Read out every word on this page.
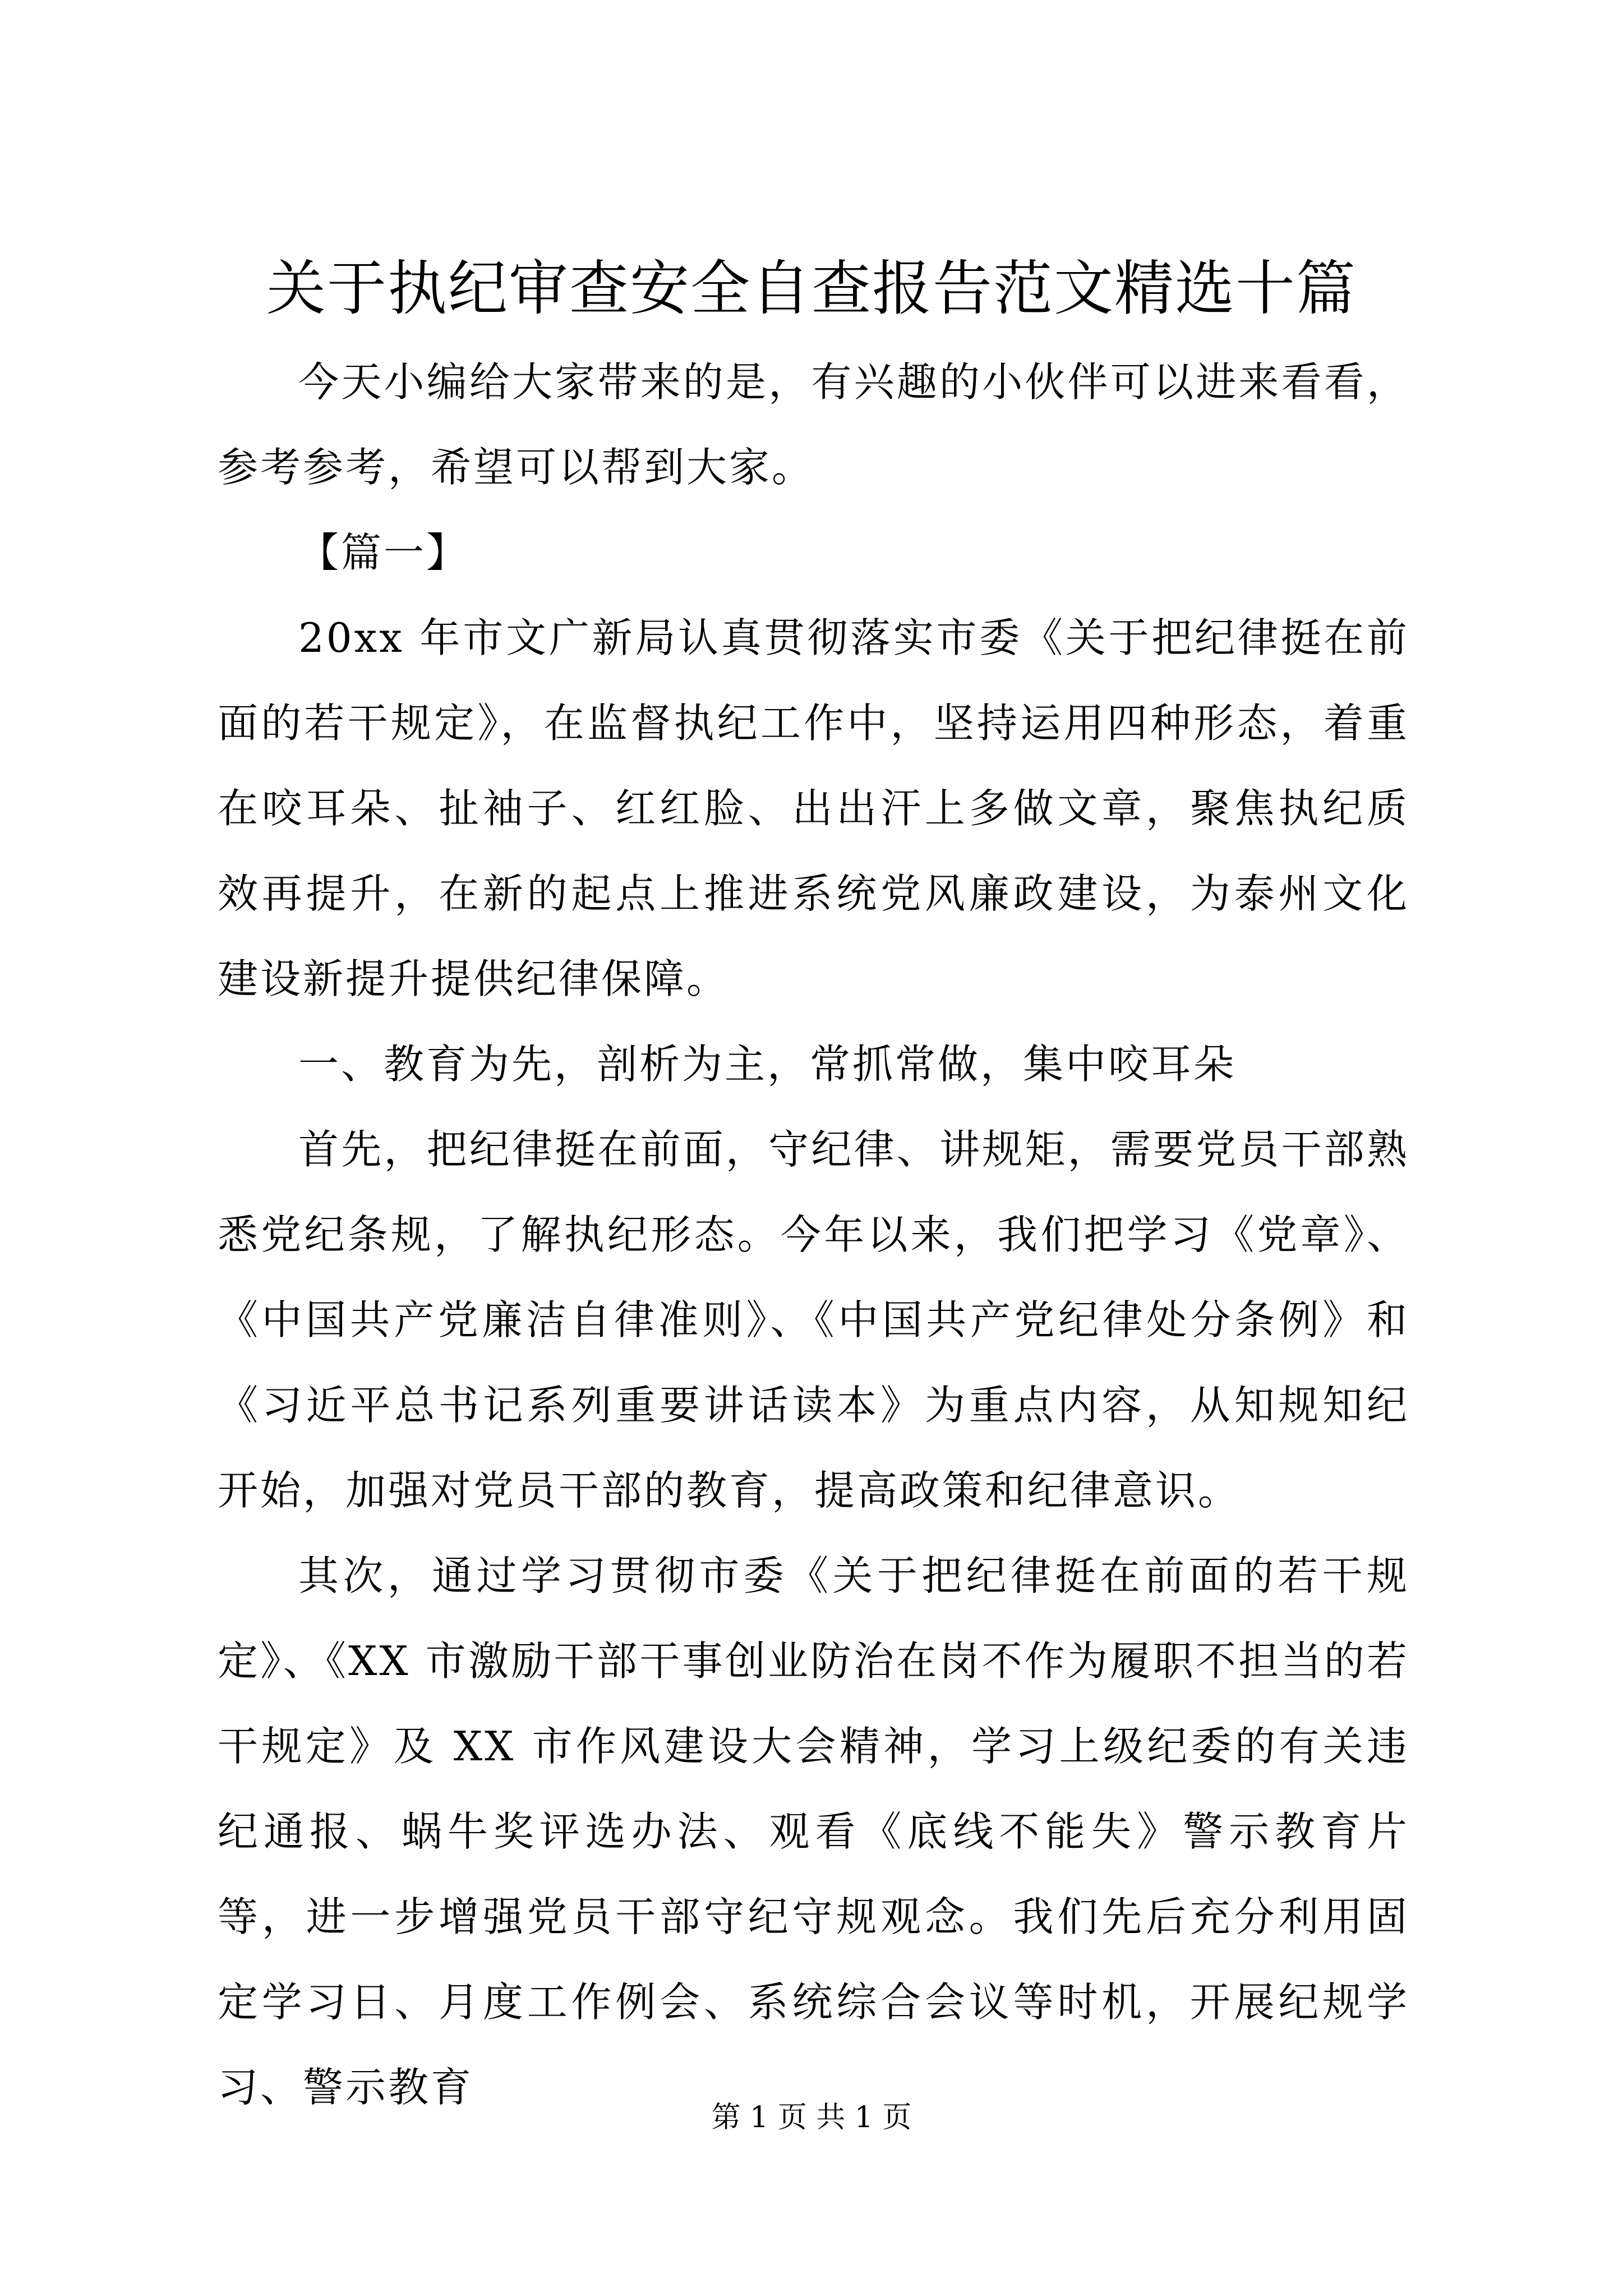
关于执纪审查安全自查报告范文精选十篇

今天小编给大家带来的是，有兴趣的小伙伴可以进来看看，参考参考，希望可以帮到大家。

【篇一】

20xx 年市文广新局认真贯彻落实市委《关于把纪律挺在前面的若干规定》，在监督执纪工作中，坚持运用四种形态，着重在咬耳朵、扯袖子、红红脸、出出汗上多做文章，聚焦执纪质效再提升，在新的起点上推进系统党风廉政建设，为泰州文化建设新提升提供纪律保障。

一、教育为先，剖析为主，常抓常做，集中咬耳朵

首先，把纪律挺在前面，守纪律、讲规矩，需要党员干部熟悉党纪条规，了解执纪形态。今年以来，我们把学习《党章》、《中国共产党廉洁自律准则》、《中国共产党纪律处分条例》和《习近平总书记系列重要讲话读本》为重点内容，从知规知纪开始，加强对党员干部的教育，提高政策和纪律意识。

其次，通过学习贯彻市委《关于把纪律挺在前面的若干规定》、《XX 市激励干部干事创业防治在岗不作为履职不担当的若干规定》及 XX 市作风建设大会精神，学习上级纪委的有关违纪通报、蜗牛奖评选办法、观看《底线不能失》警示教育片等，进一步增强党员干部守纪守规观念。我们先后充分利用固定学习日、月度工作例会、系统综合会议等时机，开展纪规学习、警示教育

第 1 页 共 1 页
